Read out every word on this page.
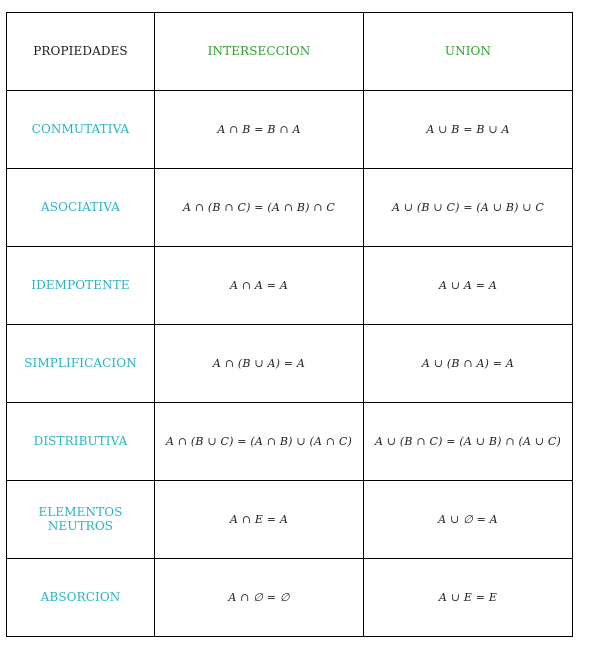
PROPIEDADES	INTERSECCION	UNION
CONMUTATIVA	A ∩ B = B ∩ A	A ∪ B = B ∪ A
ASOCIATIVA	A ∩ (B ∩ C) = (A ∩ B) ∩ C	A ∪ (B ∪ C) = (A ∪ B) ∪ C
IDEMPOTENTE	A ∩ A = A	A ∪ A = A
SIMPLIFICACION	A ∩ (B ∪ A) = A	A ∪ (B ∩ A) = A
DISTRIBUTIVA	A ∩ (B ∪ C) = (A ∩ B) ∪ (A ∩ C)	A ∪ (B ∩ C) = (A ∪ B) ∩ (A ∪ C)
ELEMENTOS NEUTROS	A ∩ E = A	A ∪ ∅ = A
ABSORCION	A ∩ ∅ = ∅	A ∪ E = E
